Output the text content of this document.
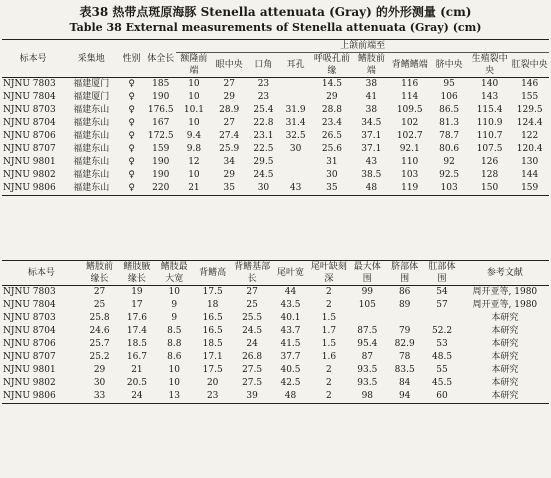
表38 热带点斑原海豚 Stenella attenuata (Gray) 的外形测量 (cm)
Table 38 External measurements of Stenella attenuata (Gray) (cm)
标本号	采集地	性别	体全长	上颌前端至									
				额隆前端	眼中央	口角	耳孔	呼吸孔前缘	鳍肢前端	背鳍鳍端	脐中央	生殖裂中央	肛裂中央
NJNU 7803	福建厦门	♀	185	10	27	23		14.5	38	116	95	140	146
NJNU 7804	福建厦门	♀	190	10	29	23		29	41	114	106	143	155
NJNU 8703	福建东山	♀	176.5	10.1	28.9	25.4	31.9	28.8	38	109.5	86.5	115.4	129.5
NJNU 8704	福建东山	♀	167	10	27	22.8	31.4	23.4	34.5	102	81.3	110.9	124.4
NJNU 8706	福建东山	♀	172.5	9.4	27.4	23.1	32.5	26.5	37.1	102.7	78.7	110.7	122
NJNU 8707	福建东山	♀	159	9.8	25.9	22.5	30	25.6	37.1	92.1	80.6	107.5	120.4
NJNU 9801	福建东山	♀	190	12	34	29.5		31	43	110	92	126	130
NJNU 9802	福建东山	♀	190	10	29	24.5		30	38.5	103	92.5	128	144
NJNU 9806	福建东山	♀	220	21	35	30	43	35	48	119	103	150	159
标本号	鳍肢前缘长	鳍肢腋缘长	鳍肢最大宽	背鳍高	背鳍基部长	尾叶宽	尾叶缺刻深	最大体围	脐部体围	肛部体围	参考文献
NJNU 7803	27	19	10	17.5	27	44	2	99	86	54	周开亚等, 1980
NJNU 7804	25	17	9	18	25	43.5	2	105	89	57	周开亚等, 1980
NJNU 8703	25.8	17.6	9	16.5	25.5	40.1	1.5				本研究
NJNU 8704	24.6	17.4	8.5	16.5	24.5	43.7	1.7	87.5	79	52.2	本研究
NJNU 8706	25.7	18.5	8.8	18.5	24	41.5	1.5	95.4	82.9	53	本研究
NJNU 8707	25.2	16.7	8.6	17.1	26.8	37.7	1.6	87	78	48.5	本研究
NJNU 9801	29	21	10	17.5	27.5	40.5	2	93.5	83.5	55	本研究
NJNU 9802	30	20.5	10	20	27.5	42.5	2	93.5	84	45.5	本研究
NJNU 9806	33	24	13	23	39	48	2	98	94	60	本研究
